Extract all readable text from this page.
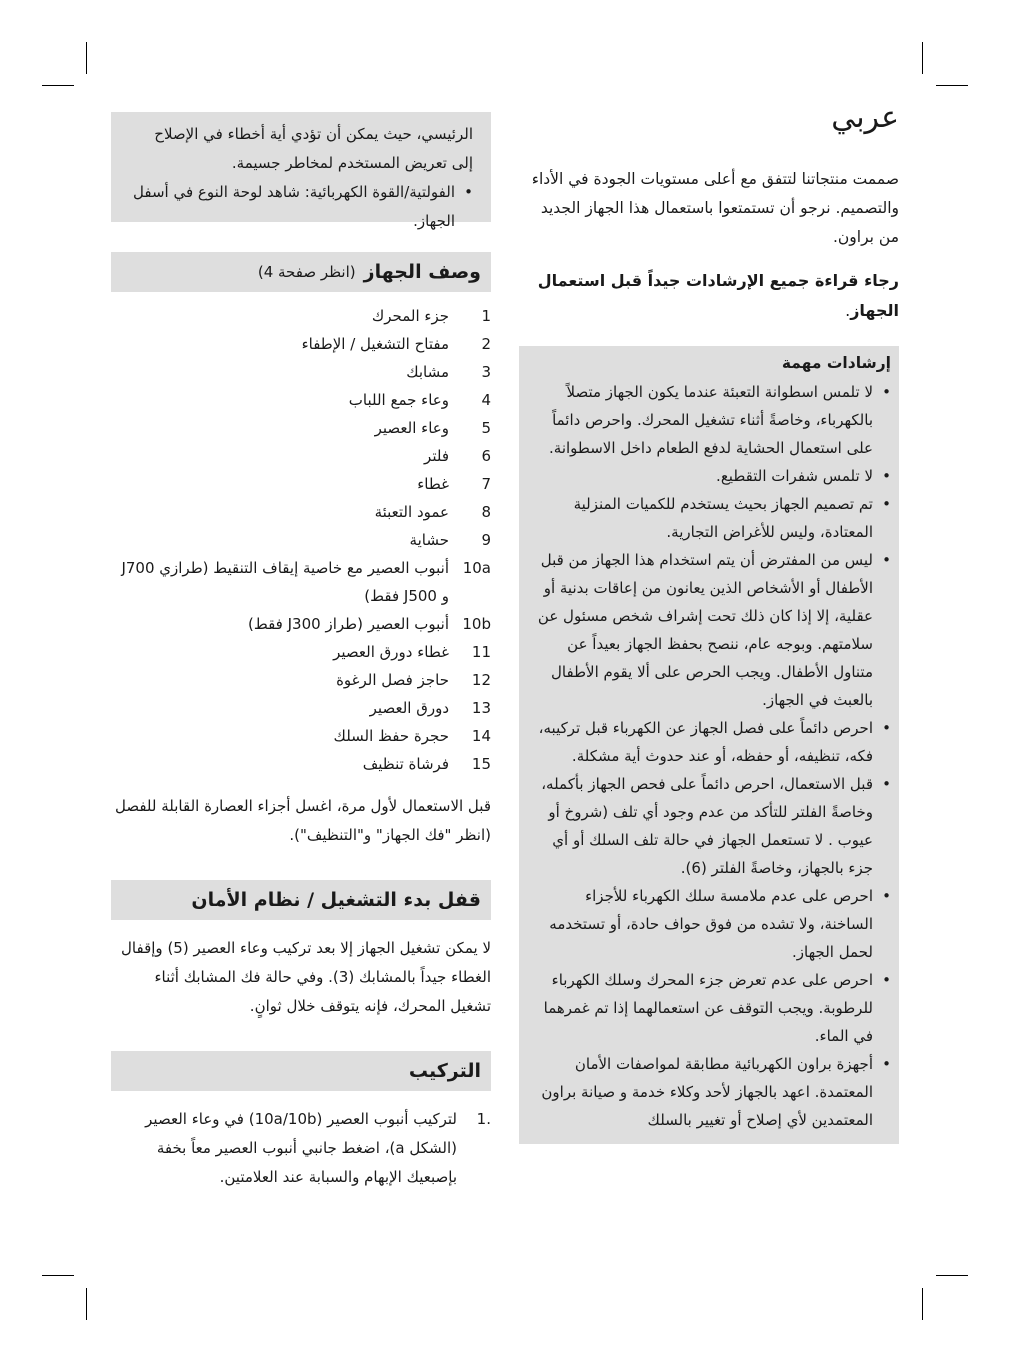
عربي

صممت منتجاتنا لتتفق مع أعلى مستويات الجودة في الأداء والتصميم. نرجو أن تستمتعوا باستعمال هذا الجهاز الجديد من براون.

رجاء قراءة جميع الإرشادات جيداً قبل استعمال الجهاز.

إرشادات مهمة
• لا تلمس اسطوانة التعبئة عندما يكون الجهاز متصلاً بالكهرباء، وخاصةً أثناء تشغيل المحرك. واحرص دائماً على استعمال الحشاية لدفع الطعام داخل الاسطوانة.
• لا تلمس شفرات التقطيع.
• تم تصميم الجهاز بحيث يستخدم للكميات المنزلية المعتادة، وليس للأغراض التجارية.
• ليس من المفترض أن يتم استخدام هذا الجهاز من قبل الأطفال أو الأشخاص الذين يعانون من إعاقات بدنية أو عقلية، إلا إذا كان ذلك تحت إشراف شخص مسئول عن سلامتهم. وبوجه عام، ننصح بحفظ الجهاز بعيداً عن متناول الأطفال. ويجب الحرص على ألا يقوم الأطفال بالعبث في الجهاز.
• احرص دائماً على فصل الجهاز عن الكهرباء قبل تركيبه، فكه، تنظيفه، أو حفظه، أو عند حدوث أية مشكلة.
• قبل الاستعمال، احرص دائماً على فحص الجهاز بأكمله، وخاصةً الفلتر للتأكد من عدم وجود أي تلف (شروخ أو عيوب . لا تستعمل الجهاز في حالة تلف السلك أو أي جزء بالجهاز، وخاصةً الفلتر (6).
• احرص على عدم ملامسة سلك الكهرباء للأجزاء الساخنة، ولا تشده من فوق حواف حادة، أو تستخدمه لحمل الجهاز.
• احرص على عدم تعرض جزء المحرك وسلك الكهرباء للرطوبة. ويجب التوقف عن استعمالهما إذا تم غمرهما في الماء.
• أجهزة براون الكهربائية مطابقة لمواصفات الأمان المعتمدة. اعهد بالجهاز لأحد وكلاء خدمة و صيانة براون المعتمدين لأي إصلاح أو تغيير بالسلك

الرئيسي، حيث يمكن أن تؤدي أية أخطاء في الإصلاح إلى تعريض المستخدم لمخاطر جسيمة.

• الفولتية/القوة الكهربائية: شاهد لوحة النوع في أسفل الجهاز.
وصف الجهاز
(انظر صفحة 4)
1
جزء المحرك
2
مفتاح التشغيل / الإطفاء
3
مشابك
4
وعاء جمع اللباب
5
وعاء العصير
6
فلتر
7
غطاء
8
عمود التعبئة
9
حشاية
10a
أنبوب العصير مع خاصية إيقاف التنقيط (طرازي J700 و J500 فقط)
10b
أنبوب العصير (طراز J300 فقط)
11
غطاء دورق العصير
12
حاجز فصل الرغوة
13
دورق العصير
14
حجرة حفظ السلك
15
فرشاة تنظيف

قبل الاستعمال لأول مرة، اغسل أجزاء العصارة القابلة للفصل (انظر "فك الجهاز" و"التنظيف").

قفل بدء التشغيل / نظام الأمان

لا يمكن تشغيل الجهاز إلا بعد تركيب وعاء العصير (5) وإقفال الغطاء جيداً بالمشابك (3). وفي حالة فك المشابك أثناء تشغيل المحرك، فإنه يتوقف خلال ثوانٍ.

التركيب
.1
لتركيب أنبوب العصير (10a/10b) في وعاء العصير (الشكل a)، اضغط جانبي أنبوب العصير معاً بخفة بإصبعيك الإبهام والسبابة عند العلامتين.
